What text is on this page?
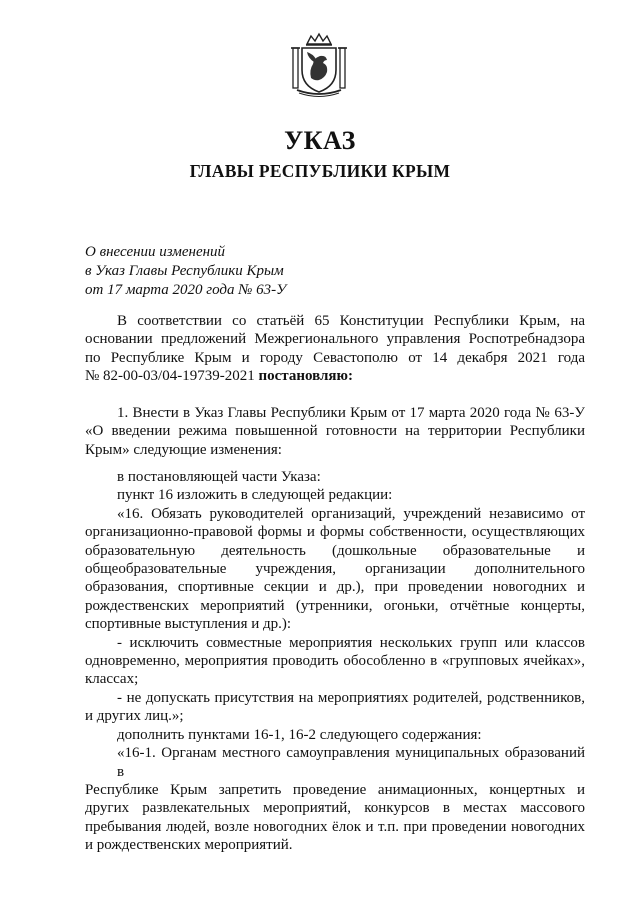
УКАЗ
ГЛАВЫ РЕСПУБЛИКИ КРЫМ
О внесении изменений
в Указ Главы Республики Крым
от 17 марта 2020 года № 63-У
В соответствии со статьёй 65 Конституции Республики Крым, на
основании предложений Межрегионального управления Роспотребнадзора
по Республике Крым и городу Севастополю от 14 декабря 2021 года
№ 82-00-03/04-19739-2021 постановляю:
1. Внести в Указ Главы Республики Крым от 17 марта 2020 года № 63-У
«О введении режима повышенной готовности на территории Республики
Крым» следующие изменения:
в постановляющей части Указа:
пункт 16 изложить в следующей редакции:
«16. Обязать руководителей организаций, учреждений независимо от
организационно-правовой формы и формы собственности, осуществляющих
образовательную деятельность (дошкольные образовательные и
общеобразовательные учреждения, организации дополнительного
образования, спортивные секции и др.), при проведении новогодних и
рождественских мероприятий (утренники, огоньки, отчётные концерты,
спортивные выступления и др.):
- исключить совместные мероприятия нескольких групп или классов
одновременно, мероприятия проводить обособленно в «групповых ячейках»,
классах;
- не допускать присутствия на мероприятиях родителей, родственников,
и других лиц.»;
дополнить пунктами 16-1, 16-2 следующего содержания:
«16-1. Органам местного самоуправления муниципальных образований в
Республике Крым запретить проведение анимационных, концертных и
других развлекательных мероприятий, конкурсов в местах массового
пребывания людей, возле новогодних ёлок и т.п. при проведении новогодних
и рождественских мероприятий.
